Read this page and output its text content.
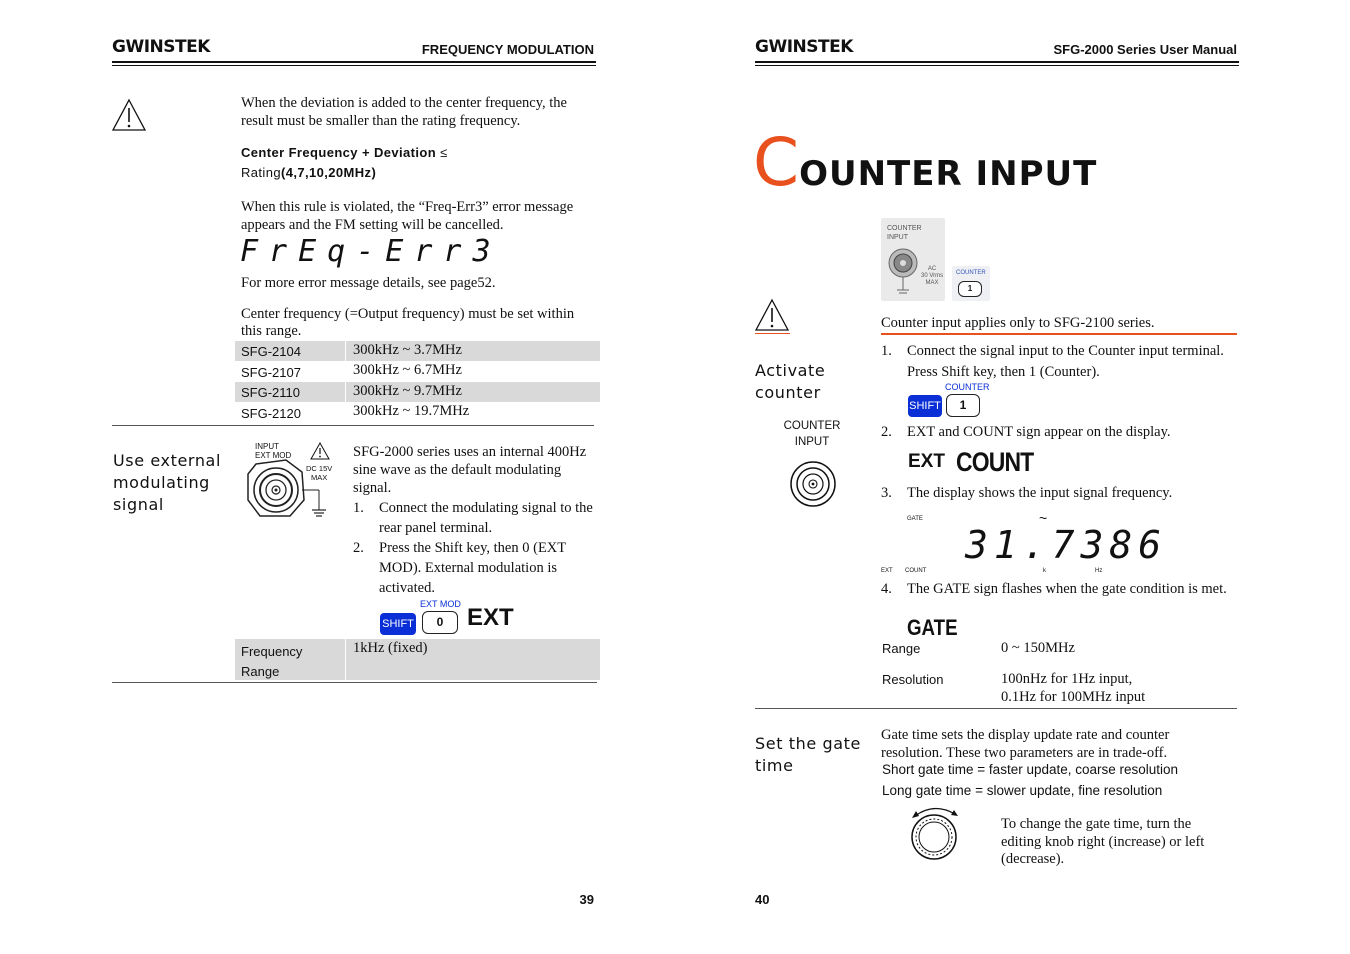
GWINSTEK	FREQUENCY MODULATION
When the deviation is added to the center frequency, the result must be smaller than the rating frequency.
Center Frequency + Deviation ≤
Rating(4,7,10,20MHz)
When this rule is violated, the “Freq-Err3” error message appears and the FM setting will be cancelled.
FrEq-Err3
For more error message details, see page52.
Center frequency (=Output frequency) must be set within this range.
SFG-2104	300kHz ~ 3.7MHz
SFG-2107	300kHz ~ 6.7MHz
SFG-2110	300kHz ~ 9.7MHz
SFG-2120	300kHz ~ 19.7MHz
Use external
modulating
signal
INPUT
EXT MOD
DC 15V
MAX
SFG-2000 series uses an internal 400Hz sine wave as the default modulating signal.
1.	Connect the modulating signal to the rear panel terminal.
2.	Press the Shift key, then 0 (EXT MOD). External modulation is activated.
EXT MOD
SHIFT	0 EXT
Frequency
Range
1kHz (fixed)
39
GWINSTEK	SFG-2000 Series User Manual
COUNTER INPUT
COUNTER
INPUT
AC
30 Vrms
MAX
COUNTER
1
Counter input applies only to SFG-2100 series.
Activate
counter
COUNTER
INPUT
1.	Connect the signal input to the Counter input terminal. Press Shift key, then 1 (Counter).
COUNTER
SHIFT	1
2.	EXT and COUNT sign appear on the display.
EXT COUNT
3.	The display shows the input signal frequency.
GATE	~
31.7386
EXT COUNT	k	Hz
4.	The GATE sign flashes when the gate condition is met.
GATE
Range	0 ~ 150MHz
Resolution	100nHz for 1Hz input,
0.1Hz for 100MHz input
Set the gate
time
Gate time sets the display update rate and counter resolution. These two parameters are in trade-off.
Short gate time = faster update, coarse resolution
Long gate time = slower update, fine resolution
To change the gate time, turn the editing knob right (increase) or left (decrease).
40
